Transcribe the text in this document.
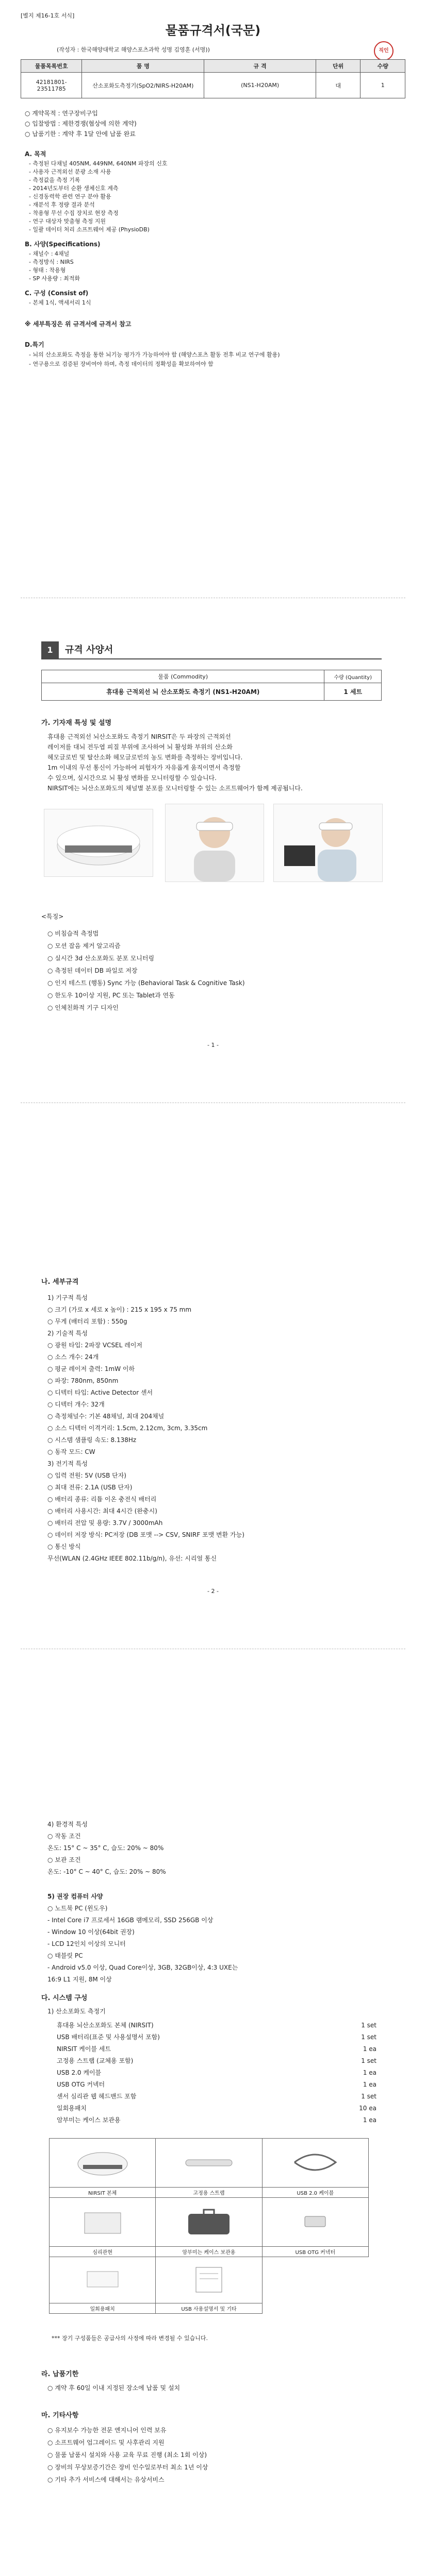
[별지 제16-1호 서식]
물품규격서(국문)
(작성자 : 한국해양대학교 해양스포츠과학 성명 김영훈 (서명))	직인
물품목록번호	품 명	규 격	단위	수량
42181801-23511785	산소포화도측정기(SpO2/NIRS-H20AM)	(NS1-H20AM)	대	1
○ 계약목적 : 연구장비구입
○ 입찰방법 : 제한경쟁(협상에 의한 계약)
○ 납품기한 : 계약 후 1달 안에 납품 완료
A. 목적
- 측정된 다채널 405NM, 449NM, 640NM 파장의 신호
- 사용자 근적외선 분광 소재 사용
- 측정값을 측정 기록
- 2014년도부터 순환 생체신호 계측
- 신경동력학 관련 연구 분야 활용
- 재분석 후 정량 결과 분석
- 착용형 무선 수집 장치로 현장 측정
- 연구 대상자 맞춤형 측정 지원
- 일괄 데이터 처리 소프트웨어 제공 (PhysioDB)
B. 사양(Specifications)
- 채널수 : 4채널
- 측정방식 : NIRS
- 형태 : 착용형
- SP 사용량 : 최적화
C. 구성 (Consist of)
- 본체 1식, 액세서리 1식
※ 세부특징은 위 규격서에 규격서 참고
D.특기
- 뇌의 산소포화도 측정을 통한 뇌기능 평가가 가능하여야 함 (해양스포츠 활동 전후 비교 연구에 활용)
- 연구용으로 검증된 장비여야 하며, 측정 데이터의 정확성을 확보하여야 함
1	규격 사양서
물품 (Commodity)	수량 (Quantity)
휴대용 근적외선 뇌 산소포화도 측정기 (NS1-H20AM)	1 세트
가. 기자재 특성 및 설명
휴대용 근적외선 뇌산소포화도 측정기 NIRSIT은 두 파장의 근적외선
레이저를 대뇌 전두엽 피질 부위에 조사하여 뇌 활성화 부위의 산소화
헤모글로빈 및 탈산소화 헤모글로빈의 농도 변화를 측정하는 장비입니다.
1m 이내의 무선 통신이 가능하여 피험자가 자유롭게 움직이면서 측정할
수 있으며, 실시간으로 뇌 활성 변화를 모니터링할 수 있습니다.
NIRSIT에는 뇌산소포화도의 채널별 분포를 모니터링할 수 있는 소프트웨어가 함께 제공됩니다.
<특징>
○ 비침습적 측정법
○ 모션 잡음 제거 알고리즘
○ 실시간 3d 산소포화도 분포 모니터링
○ 측정된 데이터 DB 파일로 저장
○ 인지 테스트 (행동) Sync 가능 (Behavioral Task & Cognitive Task)
○ 한도우 10이상 지원, PC 또는 Tablet과 연동
○ 인체친화적 기구 디자인
- 1 -
나. 세부규격
1) 기구적 특성
○ 크기 (가로 x 세로 x 높이) : 215 x 195 x 75 mm
○ 무게 (배터리 포함) : 550g
2) 기술적 특성
○ 광원 타입: 2파장 VCSEL 레이저
○ 소스 개수: 24개
○ 평균 레이저 출력: 1mW 이하
○ 파장: 780nm, 850nm
○ 디텍터 타입: Active Detector 센서
○ 디텍터 개수: 32개
○ 측정채널수: 기본 48채널, 최대 204채널
○ 소스 디텍터 이격거리: 1.5cm, 2.12cm, 3cm, 3.35cm
○ 시스템 샘플링 속도: 8.138Hz
○ 동작 모드: CW
3) 전기적 특성
○ 입력 전원: 5V (USB 단자)
○ 최대 전류: 2.1A (USB 단자)
○ 배터리 종류: 리튬 이온 충전식 배터리
○ 배터리 사용시간: 최대 4시간 (완충시)
○ 배터리 전압 및 용량: 3.7V / 3000mAh
○ 데이터 저장 방식: PC저장 (DB 포맷 --> CSV, SNIRF 포맷 변환 가능)
○ 통신 방식
무선(WLAN (2.4GHz IEEE 802.11b/g/n), 유선: 시리얼 통신
- 2 -
4) 환경적 특성
○ 작동 조건
온도: 15° C ~ 35° C, 습도: 20% ~ 80%
○ 보관 조건
온도: -10° C ~ 40° C, 습도: 20% ~ 80%
5) 권장 컴퓨터 사양
○ 노트북 PC (윈도우)
- Intel Core i7 프로세서 16GB 램메모리, SSD 256GB 이상
- Window 10 이상(64bit 권장)
- LCD 12인치 이상의 모니터
○ 태블릿 PC
- Android v5.0 이상, Quad Core이상, 3GB, 32GB이상, 4:3 UXE는
16:9 L1 지원, 8M 이상
다. 시스템 구성
1) 산소포화도 측정기
휴대용 뇌산소포화도 본체 (NIRSIT)	1 set
USB 배터리(표준 및 사용설명서 포함)	1 set
NIRSIT 케이블 세트	1 ea
고정용 스트랩 (교체용 포함)	1 set
USB 2.0 케이블	1 ea
USB OTG 커넥터	1 ea
센서 심리관 웹 헤드밴드 포함	1 set
일회용패치	10 ea
암부미는 케이스 보관용	1 ea

NIRSIT 본체	고정용 스트랩	USB 2.0 케이블

심리관현	암부미는 케이스 보관용	USB OTG 커넥터

일회용패치	USB 사용설명서 및 기타	
*** 장기 구성품들은 공급사의 사정에 따라 변경될 수 있습니다.
라. 납품기한
○ 계약 후 60일 이내 지정된 장소에 납품 및 설치
마. 기타사항
○ 유지보수 가능한 전문 엔지니어 인력 보유
○ 소프트웨어 업그레이드 및 사후관리 지원
○ 물품 납품시 설치와 사용 교육 무료 진행 (최소 1회 이상)
○ 장비의 무상보증기간은 장비 인수일로부터 최소 1년 이상
○ 기타 추가 서비스에 대해서는 유상서비스
